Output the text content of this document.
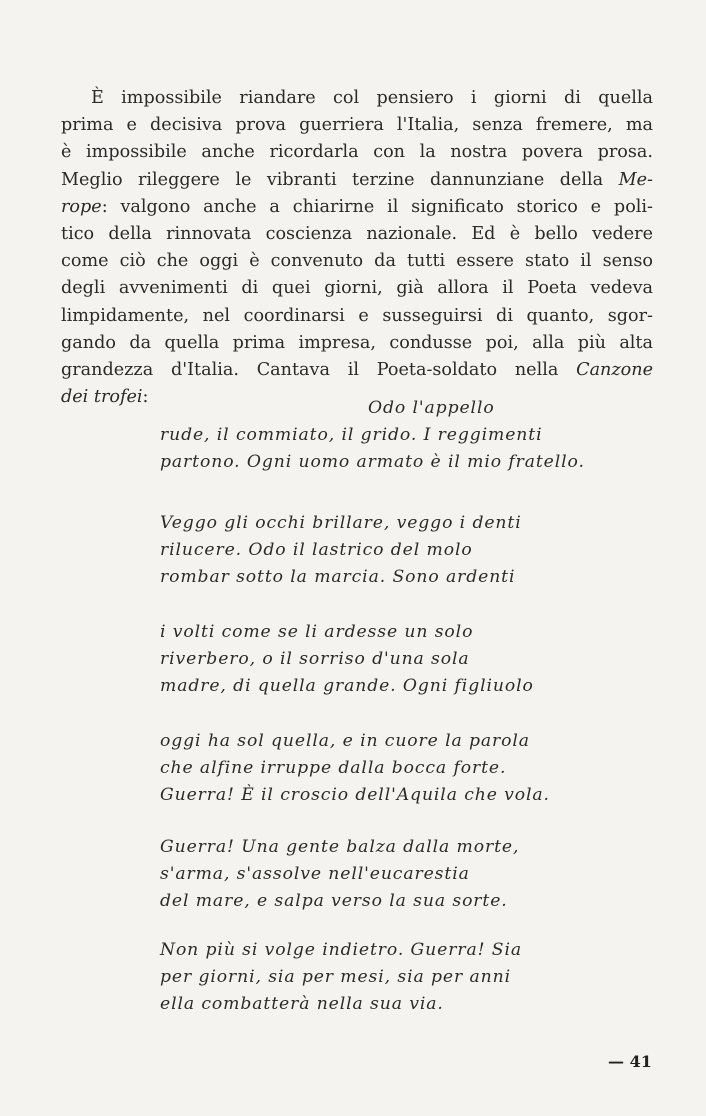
È impossibile riandare col pensiero i giorni di quella
prima e decisiva prova guerriera l'Italia, senza fremere, ma
è impossibile anche ricordarla con la nostra povera prosa.
Meglio rileggere le vibranti terzine dannunziane della Me-
rope: valgono anche a chiarirne il significato storico e poli-
tico della rinnovata coscienza nazionale. Ed è bello vedere
come ciò che oggi è convenuto da tutti essere stato il senso
degli avvenimenti di quei giorni, già allora il Poeta vedeva
limpidamente, nel coordinarsi e susseguirsi di quanto, sgor-
gando da quella prima impresa, condusse poi, alla più alta
grandezza d'Italia. Cantava il Poeta-soldato nella Canzone
dei trofei:
Odo l'appello
rude, il commiato, il grido. I reggimenti
partono. Ogni uomo armato è il mio fratello.
Veggo gli occhi brillare, veggo i denti
rilucere. Odo il lastrico del molo
rombar sotto la marcia. Sono ardenti
i volti come se li ardesse un solo
riverbero, o il sorriso d'una sola
madre, di quella grande. Ogni figliuolo
oggi ha sol quella, e in cuore la parola
che alfine irruppe dalla bocca forte.
Guerra! È il croscio dell'Aquila che vola.
Guerra! Una gente balza dalla morte,
s'arma, s'assolve nell'eucarestia
del mare, e salpa verso la sua sorte.
Non più si volge indietro. Guerra! Sia
per giorni, sia per mesi, sia per anni
ella combatterà nella sua via.
— 41
